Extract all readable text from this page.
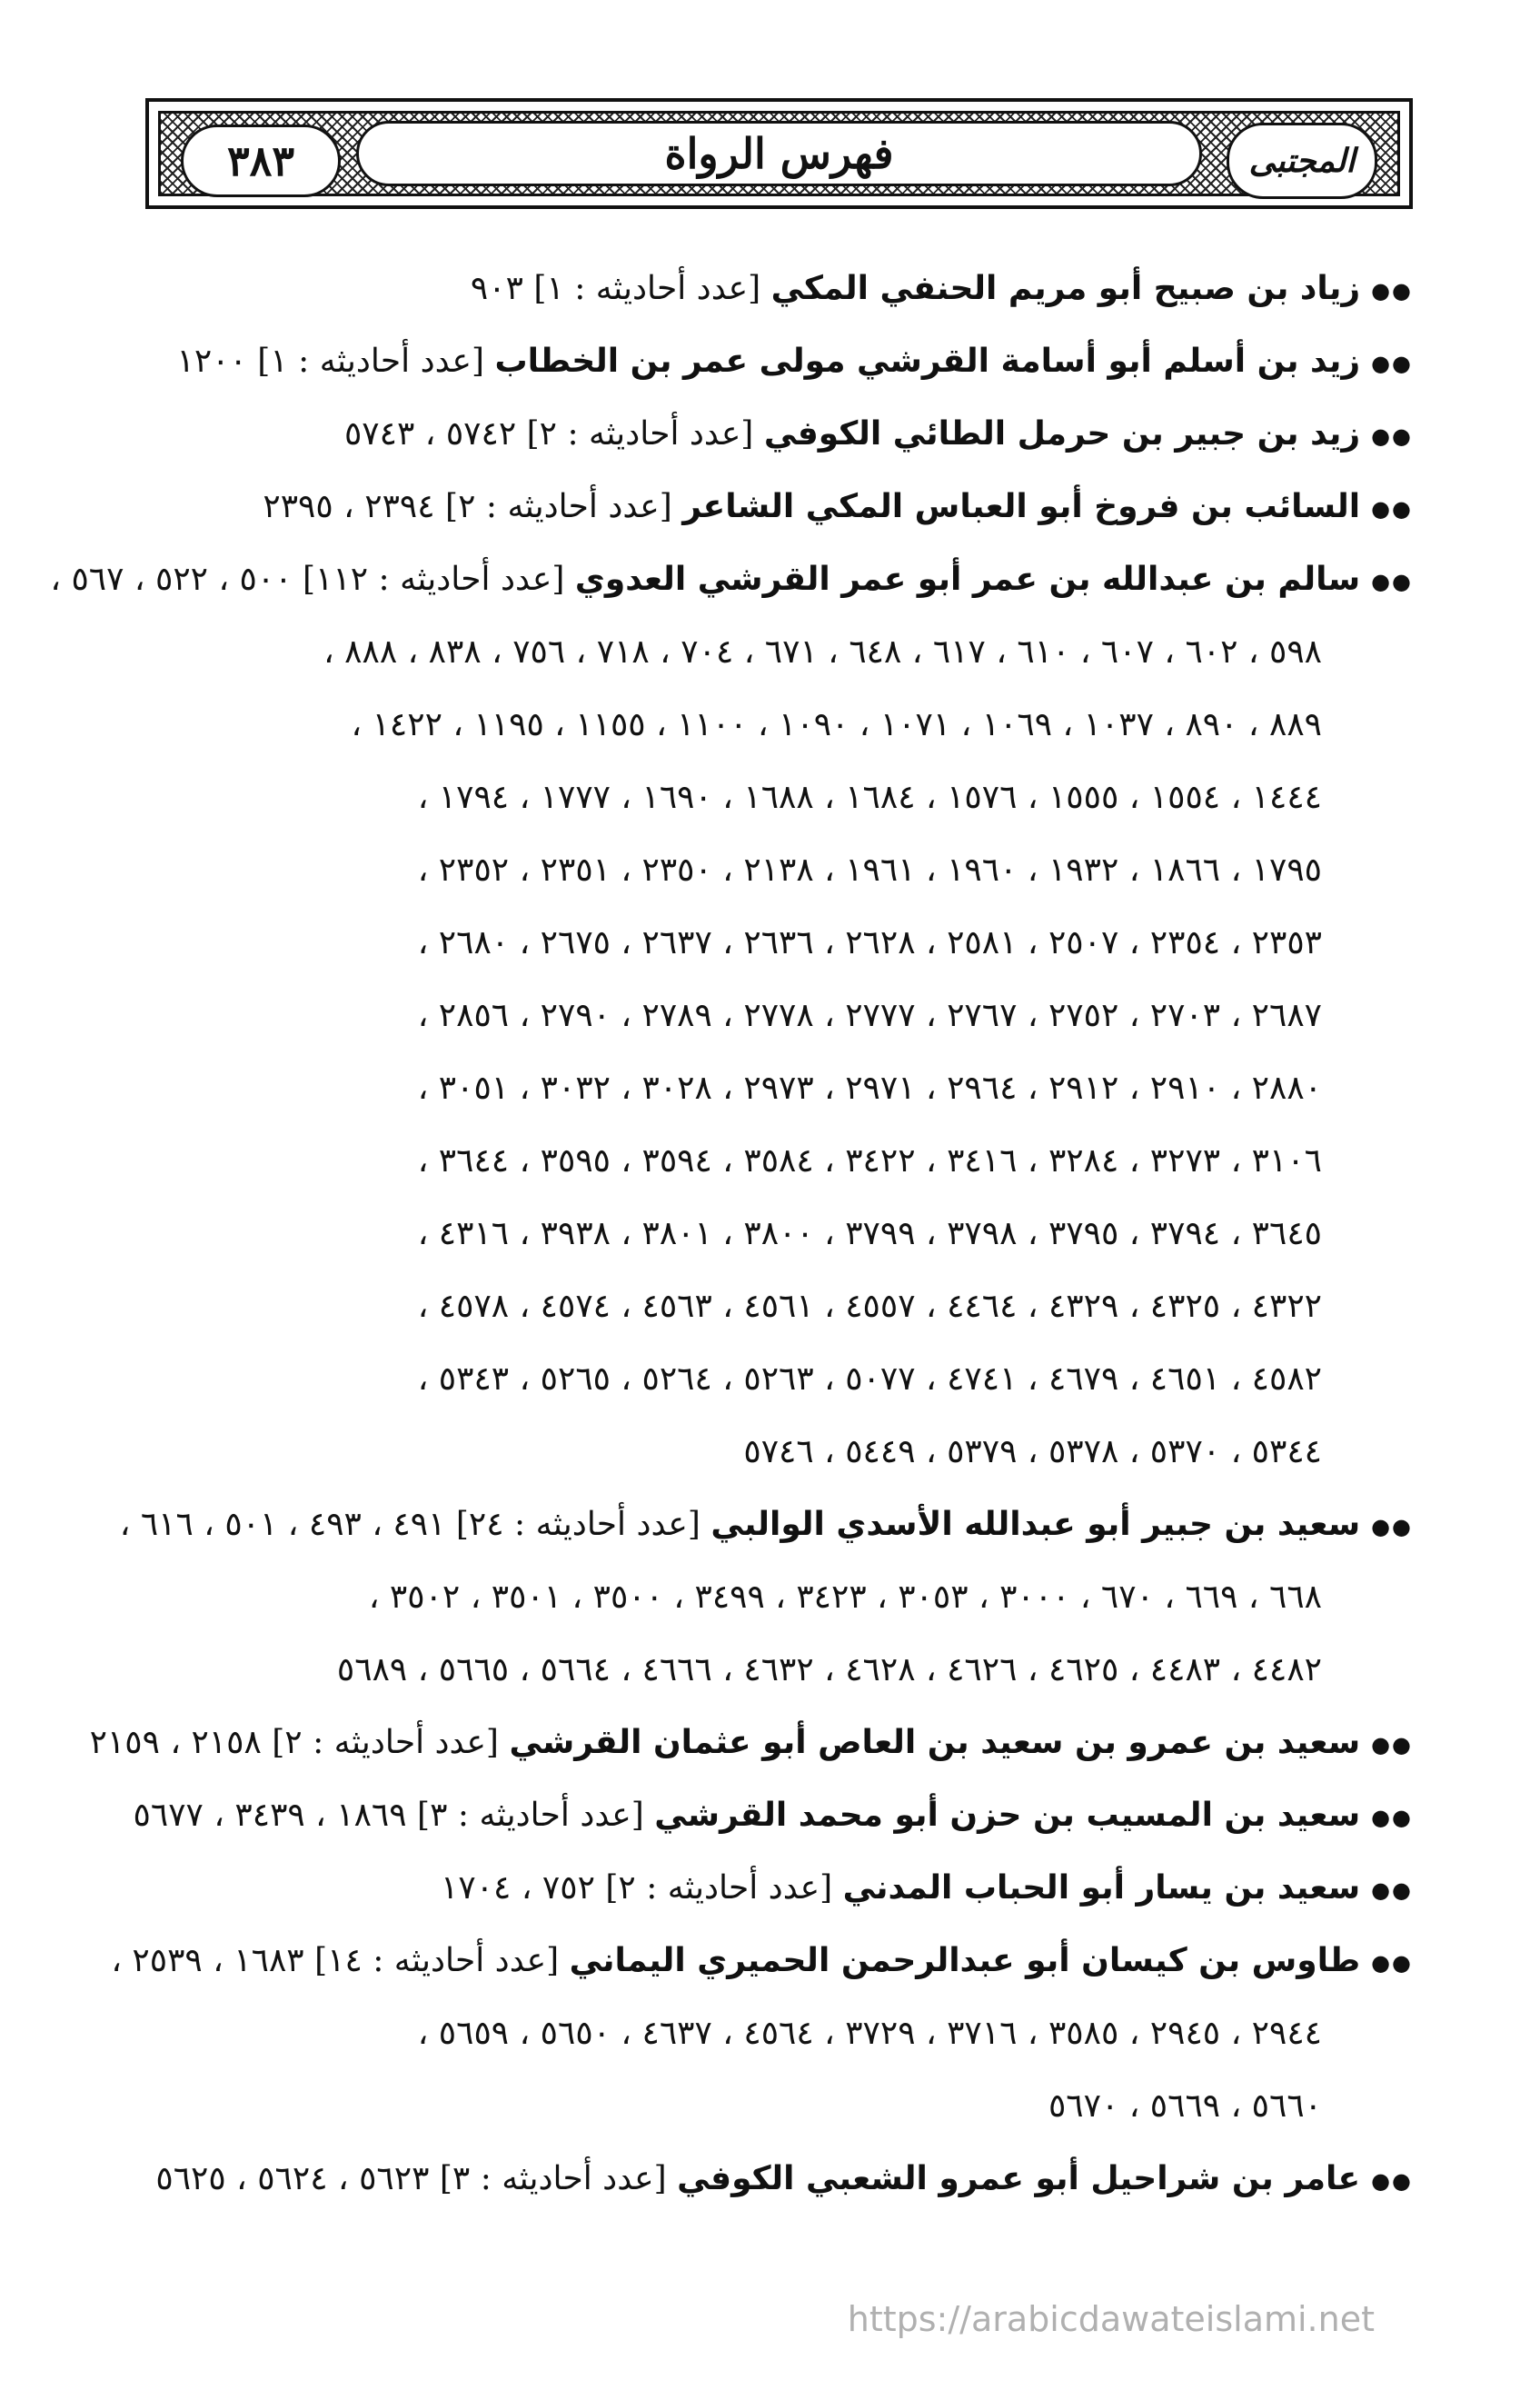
٣٨٣	فهرس الرواة	المجتبى
●●زياد بن صبيح أبو مريم الحنفي المكي [عدد أحاديثه : ١] ٩٠٣
●●زيد بن أسلم أبو أسامة القرشي مولى عمر بن الخطاب [عدد أحاديثه : ١] ١٢٠٠
●●زيد بن جبير بن حرمل الطائي الكوفي [عدد أحاديثه : ٢] ٥٧٤٢ ، ٥٧٤٣
●●السائب بن فروخ أبو العباس المكي الشاعر [عدد أحاديثه : ٢] ٢٣٩٤ ، ٢٣٩٥
●●سالم بن عبدالله بن عمر أبو عمر القرشي العدوي [عدد أحاديثه : ١١٢] ٥٠٠ ، ٥٢٢ ، ٥٦٧ ،
٥٩٨ ، ٦٠٢ ، ٦٠٧ ، ٦١٠ ، ٦١٧ ، ٦٤٨ ، ٦٧١ ، ٧٠٤ ، ٧١٨ ، ٧٥٦ ، ٨٣٨ ، ٨٨٨ ،
٨٨٩ ، ٨٩٠ ، ١٠٣٧ ، ١٠٦٩ ، ١٠٧١ ، ١٠٩٠ ، ١١٠٠ ، ١١٥٥ ، ١١٩٥ ، ١٤٢٢ ،
١٤٤٤ ، ١٥٥٤ ، ١٥٥٥ ، ١٥٧٦ ، ١٦٨٤ ، ١٦٨٨ ، ١٦٩٠ ، ١٧٧٧ ، ١٧٩٤ ،
١٧٩٥ ، ١٨٦٦ ، ١٩٣٢ ، ١٩٦٠ ، ١٩٦١ ، ٢١٣٨ ، ٢٣٥٠ ، ٢٣٥١ ، ٢٣٥٢ ،
٢٣٥٣ ، ٢٣٥٤ ، ٢٥٠٧ ، ٢٥٨١ ، ٢٦٢٨ ، ٢٦٣٦ ، ٢٦٣٧ ، ٢٦٧٥ ، ٢٦٨٠ ،
٢٦٨٧ ، ٢٧٠٣ ، ٢٧٥٢ ، ٢٧٦٧ ، ٢٧٧٧ ، ٢٧٧٨ ، ٢٧٨٩ ، ٢٧٩٠ ، ٢٨٥٦ ،
٢٨٨٠ ، ٢٩١٠ ، ٢٩١٢ ، ٢٩٦٤ ، ٢٩٧١ ، ٢٩٧٣ ، ٣٠٢٨ ، ٣٠٣٢ ، ٣٠٥١ ،
٣١٠٦ ، ٣٢٧٣ ، ٣٢٨٤ ، ٣٤١٦ ، ٣٤٢٢ ، ٣٥٨٤ ، ٣٥٩٤ ، ٣٥٩٥ ، ٣٦٤٤ ،
٣٦٤٥ ، ٣٧٩٤ ، ٣٧٩٥ ، ٣٧٩٨ ، ٣٧٩٩ ، ٣٨٠٠ ، ٣٨٠١ ، ٣٩٣٨ ، ٤٣١٦ ،
٤٣٢٢ ، ٤٣٢٥ ، ٤٣٢٩ ، ٤٤٦٤ ، ٤٥٥٧ ، ٤٥٦١ ، ٤٥٦٣ ، ٤٥٧٤ ، ٤٥٧٨ ،
٤٥٨٢ ، ٤٦٥١ ، ٤٦٧٩ ، ٤٧٤١ ، ٥٠٧٧ ، ٥٢٦٣ ، ٥٢٦٤ ، ٥٢٦٥ ، ٥٣٤٣ ،
٥٣٤٤ ، ٥٣٧٠ ، ٥٣٧٨ ، ٥٣٧٩ ، ٥٤٤٩ ، ٥٧٤٦
●●سعيد بن جبير أبو عبدالله الأسدي الوالبي [عدد أحاديثه : ٢٤] ٤٩١ ، ٤٩٣ ، ٥٠١ ، ٦١٦ ،
٦٦٨ ، ٦٦٩ ، ٦٧٠ ، ٣٠٠٠ ، ٣٠٥٣ ، ٣٤٢٣ ، ٣٤٩٩ ، ٣٥٠٠ ، ٣٥٠١ ، ٣٥٠٢ ،
٤٤٨٢ ، ٤٤٨٣ ، ٤٦٢٥ ، ٤٦٢٦ ، ٤٦٢٨ ، ٤٦٣٢ ، ٤٦٦٦ ، ٥٦٦٤ ، ٥٦٦٥ ، ٥٦٨٩
●●سعيد بن عمرو بن سعيد بن العاص أبو عثمان القرشي [عدد أحاديثه : ٢] ٢١٥٨ ، ٢١٥٩
●●سعيد بن المسيب بن حزن أبو محمد القرشي [عدد أحاديثه : ٣] ١٨٦٩ ، ٣٤٣٩ ، ٥٦٧٧
●●سعيد بن يسار أبو الحباب المدني [عدد أحاديثه : ٢] ٧٥٢ ، ١٧٠٤
●●طاوس بن كيسان أبو عبدالرحمن الحميري اليماني [عدد أحاديثه : ١٤] ١٦٨٣ ، ٢٥٣٩ ،
٢٩٤٤ ، ٢٩٤٥ ، ٣٥٨٥ ، ٣٧١٦ ، ٣٧٢٩ ، ٤٥٦٤ ، ٤٦٣٧ ، ٥٦٥٠ ، ٥٦٥٩ ،
٥٦٦٠ ، ٥٦٦٩ ، ٥٦٧٠
●●عامر بن شراحيل أبو عمرو الشعبي الكوفي [عدد أحاديثه : ٣] ٥٦٢٣ ، ٥٦٢٤ ، ٥٦٢٥
https://arabicdawateislami.net
